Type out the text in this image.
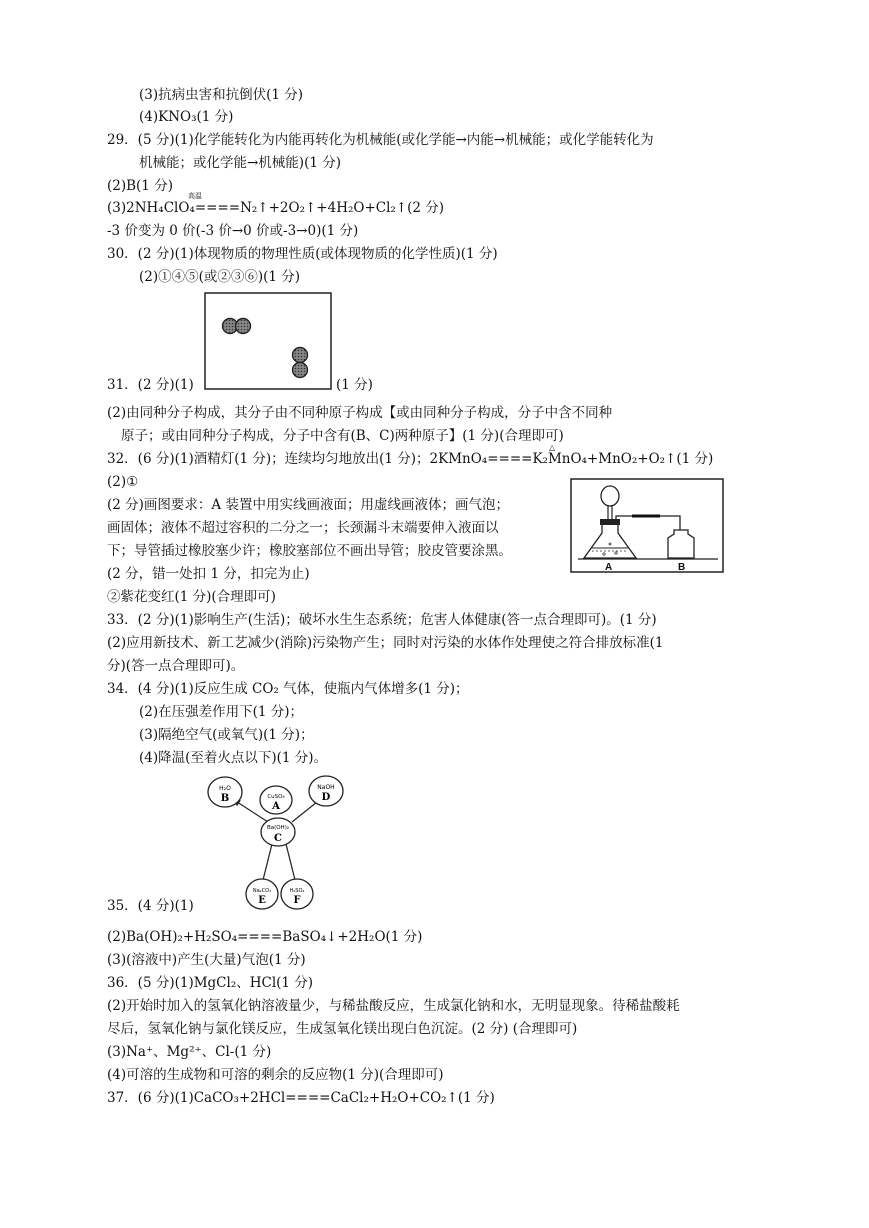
(3)抗病虫害和抗倒伏(1 分)
(4)KNO₃(1 分)
29．(5 分)(1)化学能转化为内能再转化为机械能(或化学能→内能→机械能；或化学能转化为
机械能；或化学能→机械能)(1 分)
(2)B(1 分)
(3)2NH₄ClO₄====N₂↑+2O₂↑+4H₂O+Cl₂↑(2 分)
高温
-3 价变为 0 价(-3 价→0 价或-3→0)(1 分)
30．(2 分)(1)体现物质的物理性质(或体现物质的化学性质)(1 分)
(2)①④⑤(或②③⑥)(1 分)
31．(2 分)(1)	(1 分)
(2)由同种分子构成，其分子由不同种原子构成【或由同种分子构成，分子中含不同种
原子；或由同种分子构成，分子中含有(B、C)两种原子】(1 分)(合理即可)
32．(6 分)(1)酒精灯(1 分)；连续均匀地放出(1 分)；2KMnO₄====K₂MnO₄+MnO₂+O₂↑(1 分)
△
(2)①
(2 分)画图要求：A 装置中用实线画液面；用虚线画液体；画气泡；
画固体；液体不超过容积的二分之一；长颈漏斗末端要伸入液面以
下；导管插过橡胶塞少许；橡胶塞部位不画出导管；胶皮管要涂黑。
(2 分，错一处扣 1 分，扣完为止)
②紫花变红(1 分)(合理即可)
33．(2 分)(1)影响生产(生活)；破坏水生生态系统；危害人体健康(答一点合理即可)。(1 分)
(2)应用新技术、新工艺减少(消除)污染物产生；同时对污染的水体作处理使之符合排放标准(1
分)(答一点合理即可)。
34．(4 分)(1)反应生成 CO₂ 气体，使瓶内气体增多(1 分)；
(2)在压强差作用下(1 分)；
(3)隔绝空气(或氧气)(1 分)；
(4)降温(至着火点以下)(1 分)。
35．(4 分)(1)
(2)Ba(OH)₂+H₂SO₄====BaSO₄↓+2H₂O(1 分)
(3)(溶液中)产生(大量)气泡(1 分)
36．(5 分)(1)MgCl₂、HCl(1 分)
(2)开始时加入的氢氧化钠溶液量少，与稀盐酸反应，生成氯化钠和水，无明显现象。待稀盐酸耗
尽后，氢氧化钠与氯化镁反应，生成氢氧化镁出现白色沉淀。(2 分) (合理即可)
(3)Na⁺、Mg²⁺、Cl-(1 分)
(4)可溶的生成物和可溶的剩余的反应物(1 分)(合理即可)
37．(6 分)(1)CaCO₃+2HCl====CaCl₂+H₂O+CO₂↑(1 分)
A	B
H₂O
B	CuSO₄
A
NaOH
D
Ba(OH)₂
C
Na₂CO₃
E
H₂SO₄
F
